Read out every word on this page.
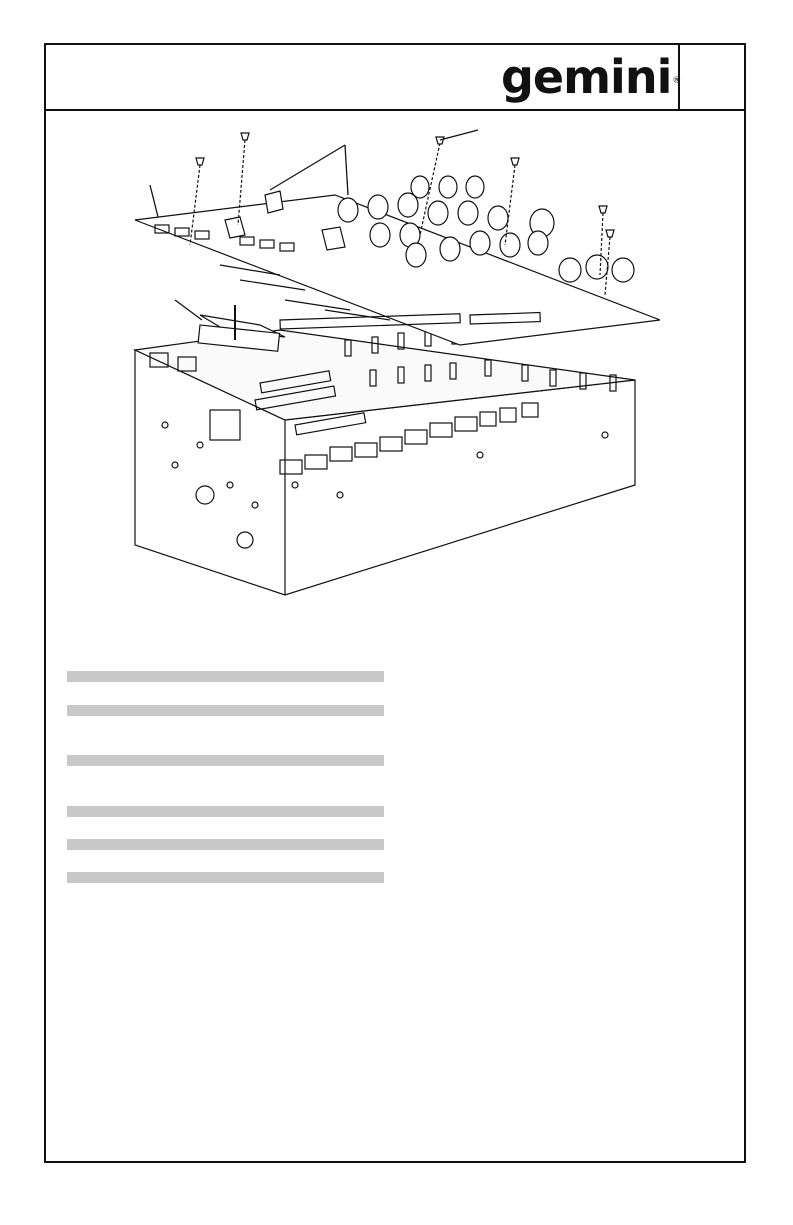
gemini®
